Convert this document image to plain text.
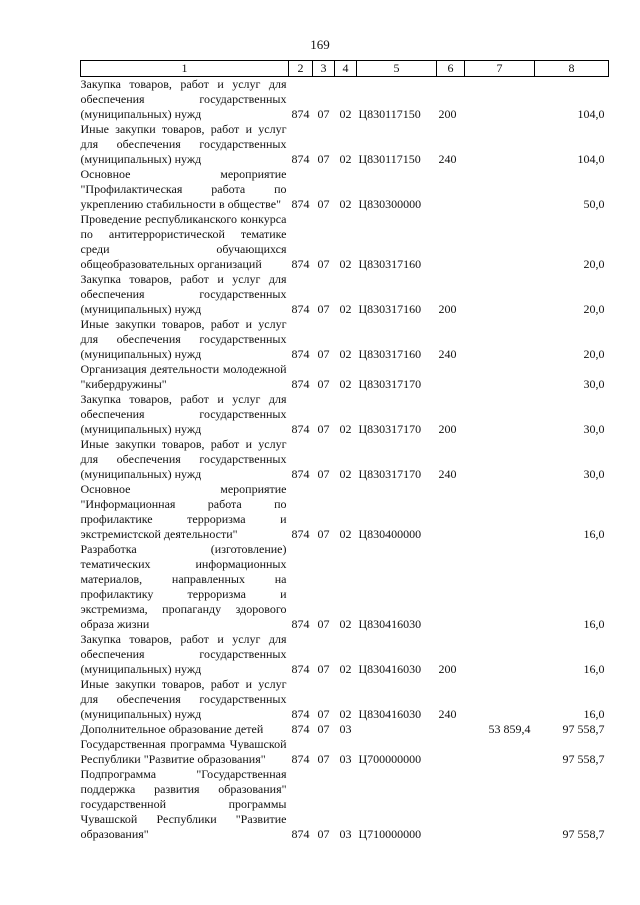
169
1	2	3	4	5	6	7	8
Закупка товаров, работ и услуг для обеспечения государственных (муниципальных) нужд	874	07	02	Ц830117150	200		104,0
Иные закупки товаров, работ и услуг для обеспечения государственных (муниципальных) нужд	874	07	02	Ц830117150	240		104,0
Основное мероприятие "Профилактическая работа по укреплению стабильности в обществе"	874	07	02	Ц830300000			50,0
Проведение республиканского конкурса по антитеррористической тематике среди обучающихся общеобразовательных организаций	874	07	02	Ц830317160			20,0
Закупка товаров, работ и услуг для обеспечения государственных (муниципальных) нужд	874	07	02	Ц830317160	200		20,0
Иные закупки товаров, работ и услуг для обеспечения государственных (муниципальных) нужд	874	07	02	Ц830317160	240		20,0
Организация деятельности молодежной "кибердружины"	874	07	02	Ц830317170			30,0
Закупка товаров, работ и услуг для обеспечения государственных (муниципальных) нужд	874	07	02	Ц830317170	200		30,0
Иные закупки товаров, работ и услуг для обеспечения государственных (муниципальных) нужд	874	07	02	Ц830317170	240		30,0
Основное мероприятие "Информационная работа по профилактике терроризма и экстремистской деятельности"	874	07	02	Ц830400000			16,0
Разработка (изготовление) тематических информационных материалов, направленных на профилактику терроризма и экстремизма, пропаганду здорового образа жизни	874	07	02	Ц830416030			16,0
Закупка товаров, работ и услуг для обеспечения государственных (муниципальных) нужд	874	07	02	Ц830416030	200		16,0
Иные закупки товаров, работ и услуг для обеспечения государственных (муниципальных) нужд	874	07	02	Ц830416030	240		16,0
Дополнительное образование детей	874	07	03			53 859,4	97 558,7
Государственная программа Чувашской Республики "Развитие образования"	874	07	03	Ц700000000			97 558,7
Подпрограмма "Государственная поддержка развития образования" государственной программы Чувашской Республики "Развитие образования"	874	07	03	Ц710000000			97 558,7
